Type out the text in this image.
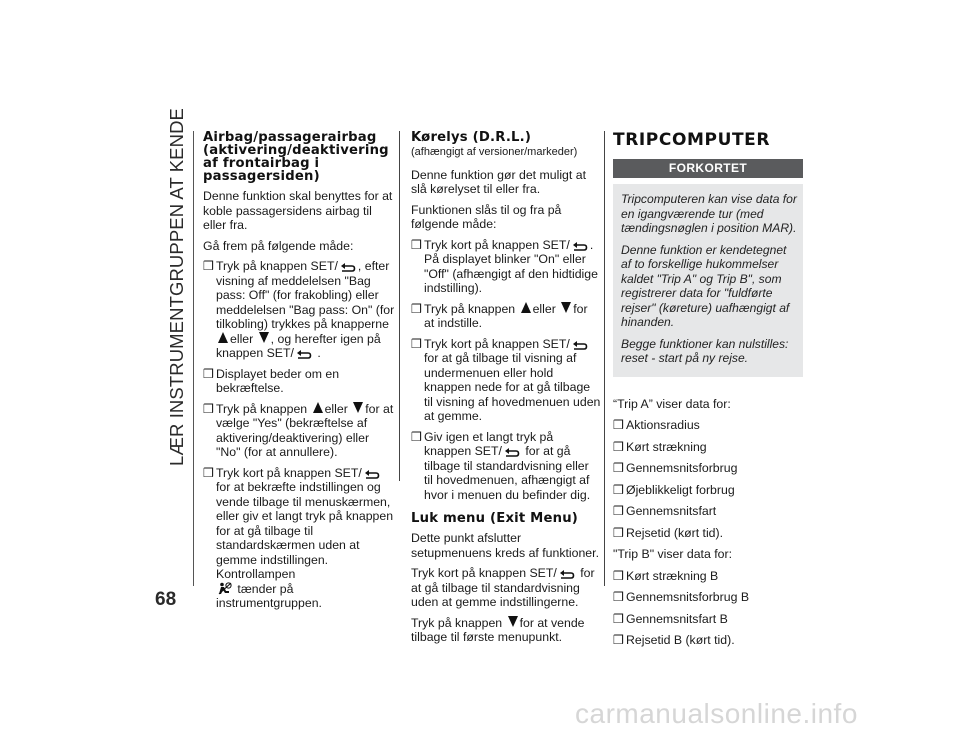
LÆR INSTRUMENTGRUPPEN AT KENDE
68
Airbag/passagerairbag (aktivering/deaktivering af frontairbag i passagersiden)

Denne funktion skal benyttes for at koble passagersidens airbag til eller fra.

Gå frem på følgende måde:

❒ Tryk på knappen SET/ , efter visning af meddelelsen "Bag pass: Off" (for frakobling) eller meddelelsen "Bag pass: On" (for tilkobling) trykkes på knapperne eller , og herefter igen på knappen SET/ .
❒ Displayet beder om en bekræftelse.
❒ Tryk på knappen eller for at vælge "Yes" (bekræftelse af aktivering/deaktivering) eller "No" (for at annullere).
❒ Tryk kort på knappen SET/ for at bekræfte indstillingen og vende tilbage til menuskærmen, eller giv et langt tryk på knappen for at gå tilbage til standardskærmen uden at gemme indstillingen. Kontrollampen
tænder på instrumentgruppen.
Kørelys (D.R.L.)

(afhængigt af versioner/markeder)

Denne funktion gør det muligt at slå kørelyset til eller fra.

Funktionen slås til og fra på følgende måde:

❒ Tryk kort på knappen SET/ . På displayet blinker "On" eller "Off" (afhængigt af den hidtidige indstilling).
❒ Tryk på knappen eller for at indstille.
❒ Tryk kort på knappen SET/ for at gå tilbage til visning af undermenuen eller hold knappen nede for at gå tilbage til visning af hovedmenuen uden at gemme.
❒ Giv igen et langt tryk på knappen SET/ for at gå tilbage til standardvisning eller til hovedmenuen, afhængigt af hvor i menuen du befinder dig.
Luk menu (Exit Menu)

Dette punkt afslutter setupmenuens kreds af funktioner.

Tryk kort på knappen SET/ for at gå tilbage til standardvisning uden at gemme indstillingerne.

Tryk på knappen for at vende tilbage til første menupunkt.

TRIPCOMPUTER
FORKORTET

Tripcomputeren kan vise data for en igangværende tur (med tændingsnøglen i position MAR).

Denne funktion er kendetegnet af to forskellige hukommelser kaldet "Trip A" og Trip B", som registrerer data for "fuldførte rejser" (køreture) uafhængigt af hinanden.

Begge funktioner kan nulstilles: reset - start på ny rejse.

“Trip A” viser data for:

❒ Aktionsradius
❒ Kørt strækning
❒ Gennemsnitsforbrug
❒ Øjeblikkeligt forbrug
❒ Gennemsnitsfart
❒ Rejsetid (kørt tid).

"Trip B" viser data for:

❒ Kørt strækning B
❒ Gennemsnitsforbrug B
❒ Gennemsnitsfart B
❒ Rejsetid B (kørt tid).
carmanualsonline.info
